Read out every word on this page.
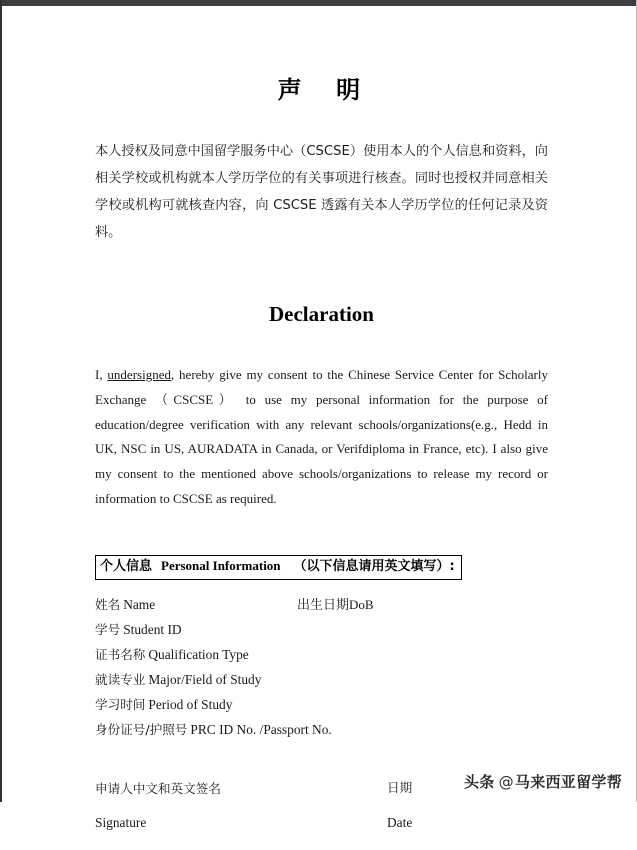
声　明

本人授权及同意中国留学服务中心（CSCSE）使用本人的个人信息和资料，向相关学校或机构就本人学历学位的有关事项进行核查。同时也授权并同意相关学校或机构可就核查内容，向 CSCSE 透露有关本人学历学位的任何记录及资料。

Declaration

I, undersigned, hereby give my consent to the Chinese Service Center for Scholarly Exchange （CSCSE） to use my personal information for the purpose of education/degree verification with any relevant schools/organizations(e.g., Hedd in UK, NSC in US, AURADATA in Canada, or Verifdiploma in France, etc). I also give my consent to the mentioned above schools/organizations to release my record or information to CSCSE as required.

个人信息 Personal Information （以下信息请用英文填写）:
姓名 Name	出生日期DoB
学号 Student ID
证书名称 Qualification Type
就读专业 Major/Field of Study
学习时间 Period of Study
身份证号/护照号 PRC ID No. /Passport No.
申请人中文和英文签名	日期
Signature	Date
头条 @马来西亚留学帮
